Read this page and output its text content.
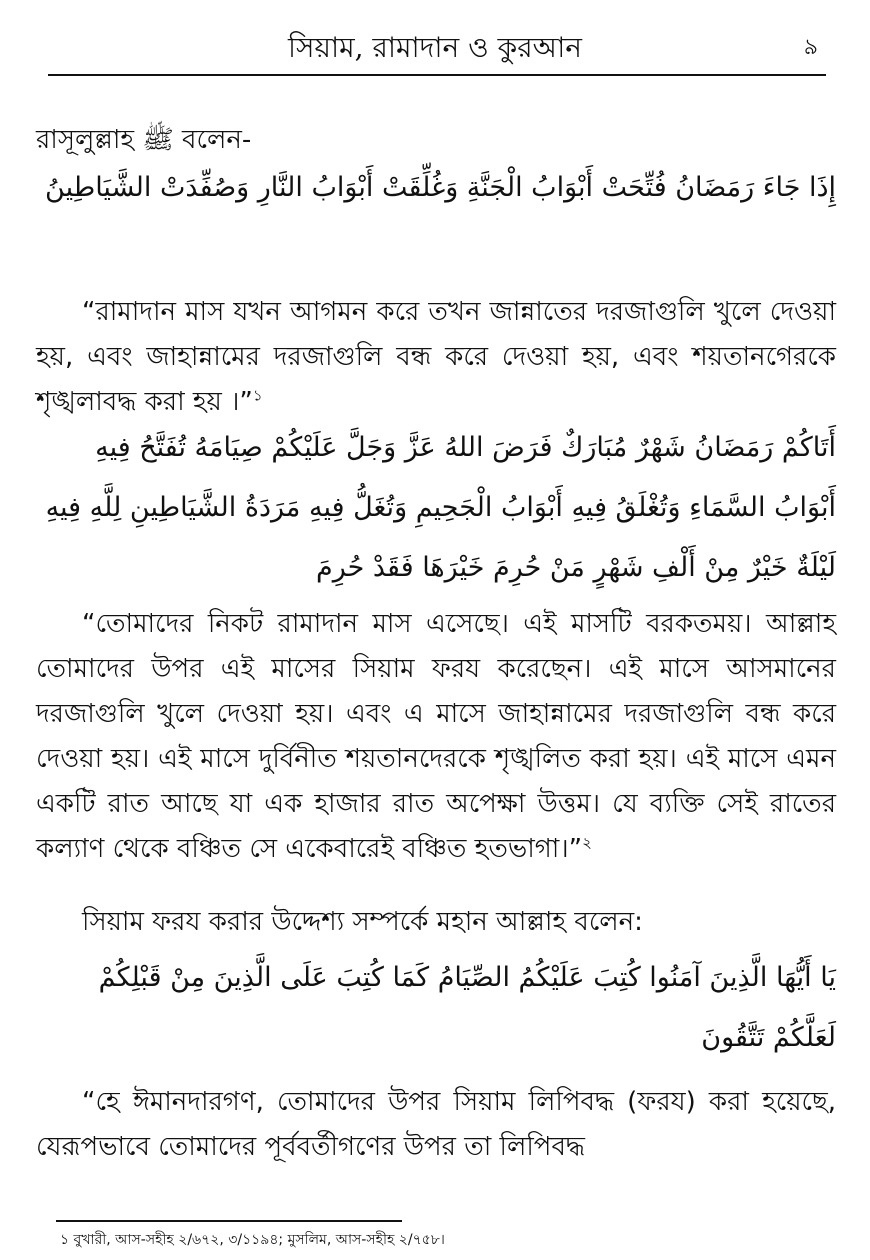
সিয়াম, রামাদান ও কুরআন	৯
রাসূলুল্লাহ ﷺ বলেন-
إِذَا جَاءَ رَمَضَانُ فُتِّحَتْ أَبْوَابُ الْجَنَّةِ وَغُلِّقَتْ أَبْوَابُ النَّارِ وَصُفِّدَتْ الشَّيَاطِينُ
“রামাদান মাস যখন আগমন করে তখন জান্নাতের দরজাগুলি খুলে দেওয়া হয়, এবং জাহান্নামের দরজাগুলি বন্ধ করে দেওয়া হয়, এবং শয়তানগেরকে শৃঙ্খলাবদ্ধ করা হয় ।”$^১$
أَتَاكُمْ رَمَضَانُ شَهْرٌ مُبَارَكٌ فَرَضَ اللهُ عَزَّ وَجَلَّ عَلَيْكُمْ صِيَامَهُ تُفَتَّحُ فِيهِ أَبْوَابُ السَّمَاءِ وَتُغْلَقُ فِيهِ أَبْوَابُ الْجَحِيمِ وَتُغَلُّ فِيهِ مَرَدَةُ الشَّيَاطِينِ لِلَّهِ فِيهِ لَيْلَةٌ خَيْرٌ مِنْ أَلْفِ شَهْرٍ مَنْ حُرِمَ خَيْرَهَا فَقَدْ حُرِمَ
“তোমাদের নিকট রামাদান মাস এসেছে। এই মাসটি বরকতময়। আল্লাহ তোমাদের উপর এই মাসের সিয়াম ফরয করেছেন। এই মাসে আসমানের দরজাগুলি খুলে দেওয়া হয়। এবং এ মাসে জাহান্নামের দরজাগুলি বন্ধ করে দেওয়া হয়। এই মাসে দুর্বিনীত শয়তানদেরকে শৃঙ্খলিত করা হয়। এই মাসে এমন একটি রাত আছে যা এক হাজার রাত অপেক্ষা উত্তম। যে ব্যক্তি সেই রাতের কল্যাণ থেকে বঞ্চিত সে একেবারেই বঞ্চিত হতভাগা।”$^২$
সিয়াম ফরয করার উদ্দেশ্য সম্পর্কে মহান আল্লাহ বলেন:
يَا أَيُّهَا الَّذِينَ آمَنُوا كُتِبَ عَلَيْكُمُ الصِّيَامُ كَمَا كُتِبَ عَلَى الَّذِينَ مِنْ قَبْلِكُمْ لَعَلَّكُمْ تَتَّقُونَ
“হে ঈমানদারগণ, তোমাদের উপর সিয়াম লিপিবদ্ধ (ফরয) করা হয়েছে, যেরূপভাবে তোমাদের পূর্ববর্তীগণের উপর তা লিপিবদ্ধ
১ বুখারী, আস-সহীহ ২/৬৭২, ৩/১১৯৪; মুসলিম, আস-সহীহ ২/৭৫৮।
